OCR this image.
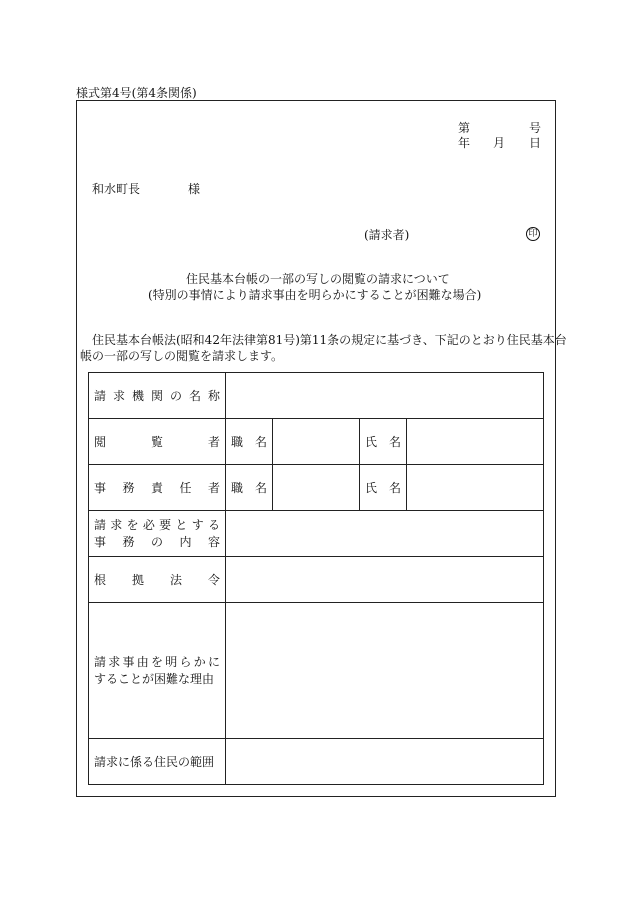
様式第4号(第4条関係)
第	号
年 月 日
和水町長	様
(請求者)	印
住民基本台帳の一部の写しの閲覧の請求について
(特別の事情により請求事由を明らかにすることが困難な場合)
住民基本台帳法(昭和42年法律第81号)第11条の規定に基づき、下記のとおり住民基本台
帳の一部の写しの閲覧を請求します。
請求機関の名称				
閲覧者	職名		氏名	
事務責任者	職名		氏名	

請求を必要とする
事務の内容				

根拠法令				

請求事由を明らかに
することが困難な理由				

請求に係る住民の範囲				
